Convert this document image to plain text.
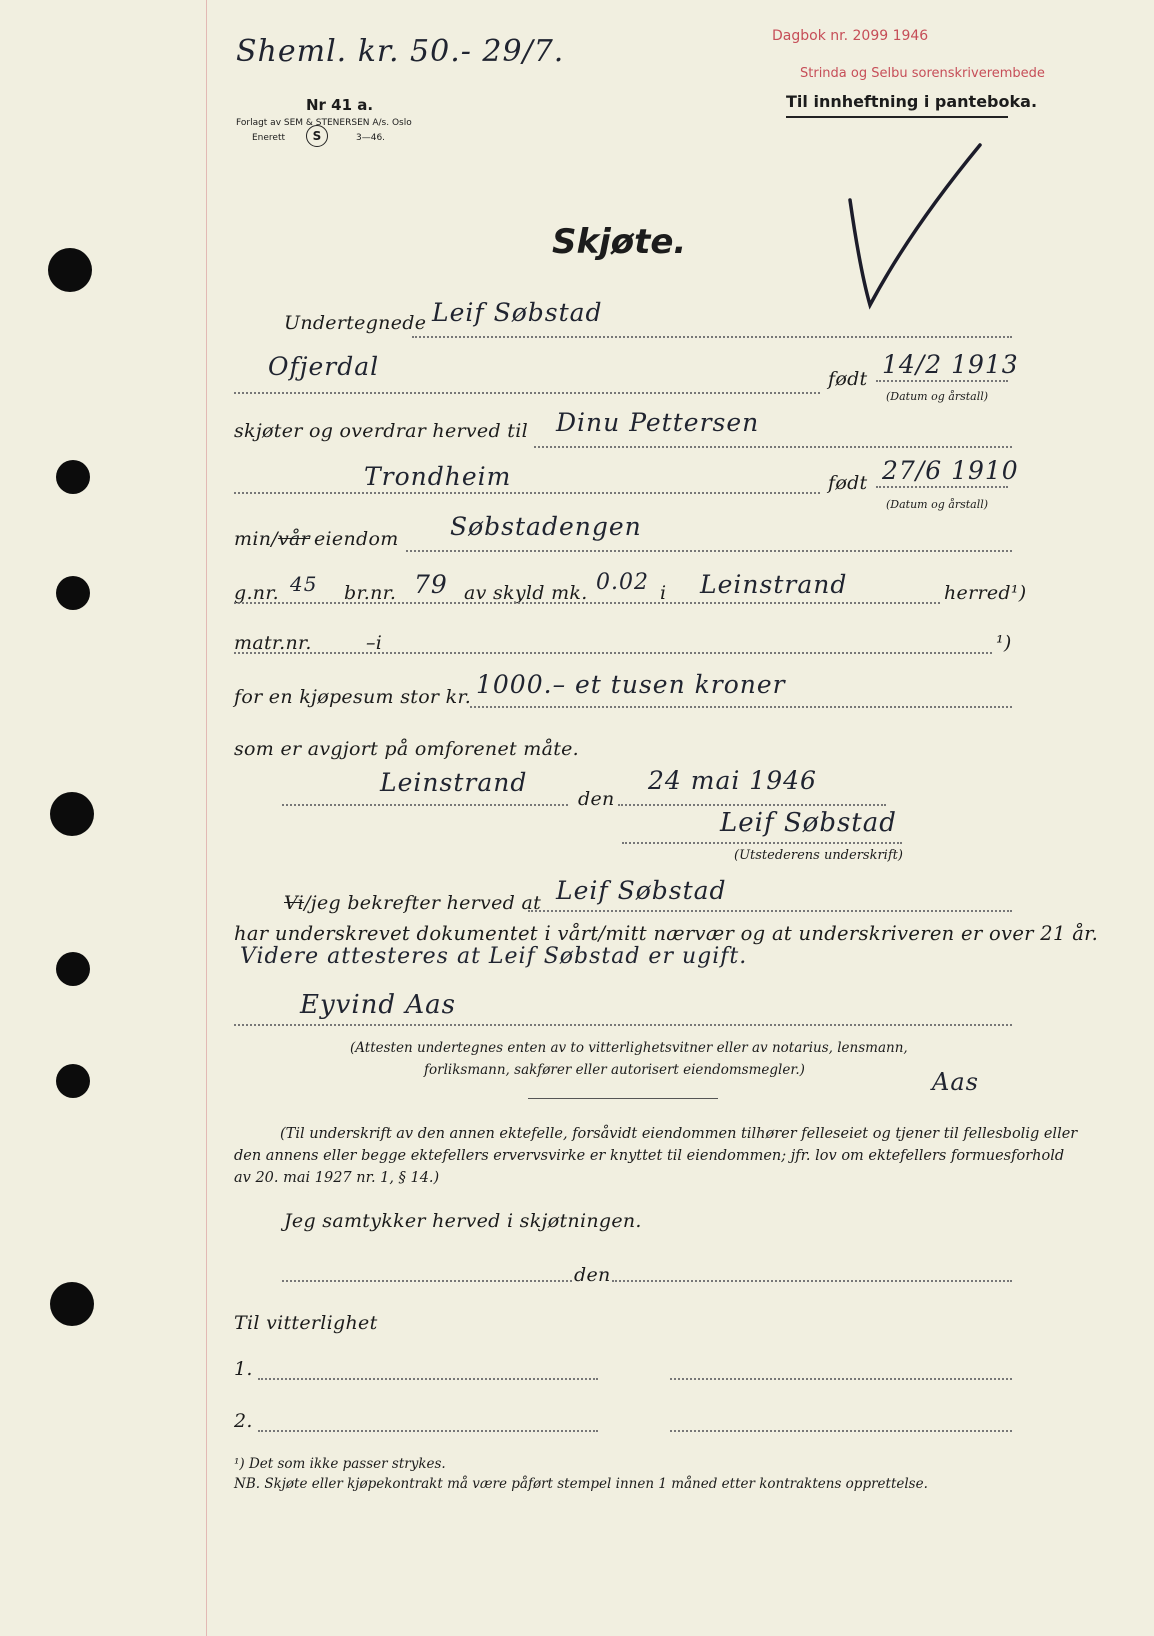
Sheml. kr. 50.- 29/7.	Dagbok nr. 2099 1946
Strinda og Selbu sorenskriverembede
Nr 41 a.
Forlagt av SEM & STENERSEN A/s. Oslo
Enerett	S	3—46.
Til innheftning i panteboka.
Skjøte.
Undertegnede Leif Søbstad
Ofjerdal	født 14/2 1913
(Datum og årstall)
skjøter og overdrar herved til Dinu Pettersen
Trondheim	født 27/6 1910
(Datum og årstall)
min/vår eiendom Søbstadengen
g.nr. 45 br.nr. 79 av skyld mk. 0.02 i Leinstrand	herred¹)
matr.nr.	–i	¹)
for en kjøpesum stor kr. 1000.– et tusen kroner
som er avgjort på omforenet måte.
Leinstrand
den
24 mai 1946
Leif Søbstad
(Utstederens underskrift)
Vi/jeg bekrefter herved at Leif Søbstad
har underskrevet dokumentet i vårt/mitt nærvær og at underskriveren er over 21 år.
Videre attesteres at Leif Søbstad er ugift.
Eyvind Aas
(Attesten undertegnes enten av to vitterlighetsvitner eller av notarius, lensmann,
forliksmann, sakfører eller autorisert eiendomsmegler.)	Aas
(Til underskrift av den annen ektefelle, forsåvidt eiendommen tilhører felleseiet og tjener til fellesbolig eller
den annens eller begge ektefellers ervervsvirke er knyttet til eiendommen; jfr. lov om ektefellers formuesforhold
av 20. mai 1927 nr. 1, § 14.)
Jeg samtykker herved i skjøtningen.
den
Til vitterlighet
1.
2.
¹) Det som ikke passer strykes.
NB. Skjøte eller kjøpekontrakt må være påført stempel innen 1 måned etter kontraktens opprettelse.
